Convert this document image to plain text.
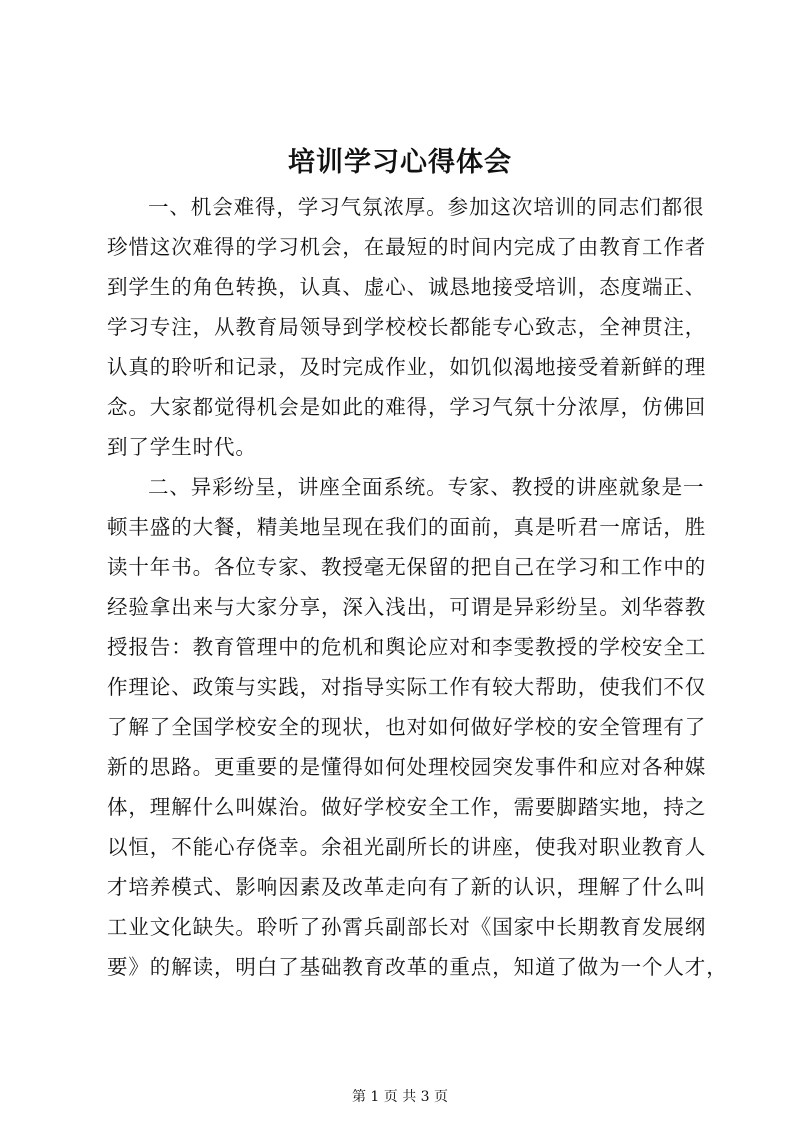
培训学习心得体会

一、机会难得，学习气氛浓厚。参加这次培训的同志们都很

珍惜这次难得的学习机会，在最短的时间内完成了由教育工作者

到学生的角色转换，认真、虚心、诚恳地接受培训，态度端正、

学习专注，从教育局领导到学校校长都能专心致志，全神贯注，

认真的聆听和记录，及时完成作业，如饥似渴地接受着新鲜的理

念。大家都觉得机会是如此的难得，学习气氛十分浓厚，仿佛回

到了学生时代。

二、异彩纷呈，讲座全面系统。专家、教授的讲座就象是一

顿丰盛的大餐，精美地呈现在我们的面前，真是听君一席话，胜

读十年书。各位专家、教授毫无保留的把自己在学习和工作中的

经验拿出来与大家分享，深入浅出，可谓是异彩纷呈。刘华蓉教

授报告：教育管理中的危机和舆论应对和李雯教授的学校安全工

作理论、政策与实践，对指导实际工作有较大帮助，使我们不仅

了解了全国学校安全的现状，也对如何做好学校的安全管理有了

新的思路。更重要的是懂得如何处理校园突发事件和应对各种媒

体，理解什么叫媒治。做好学校安全工作，需要脚踏实地，持之

以恒，不能心存侥幸。余祖光副所长的讲座，使我对职业教育人

才培养模式、影响因素及改革走向有了新的认识，理解了什么叫

工业文化缺失。聆听了孙霄兵副部长对《国家中长期教育发展纲

要》的解读，明白了基础教育改革的重点，知道了做为一个人才，

第 1 页 共 3 页
